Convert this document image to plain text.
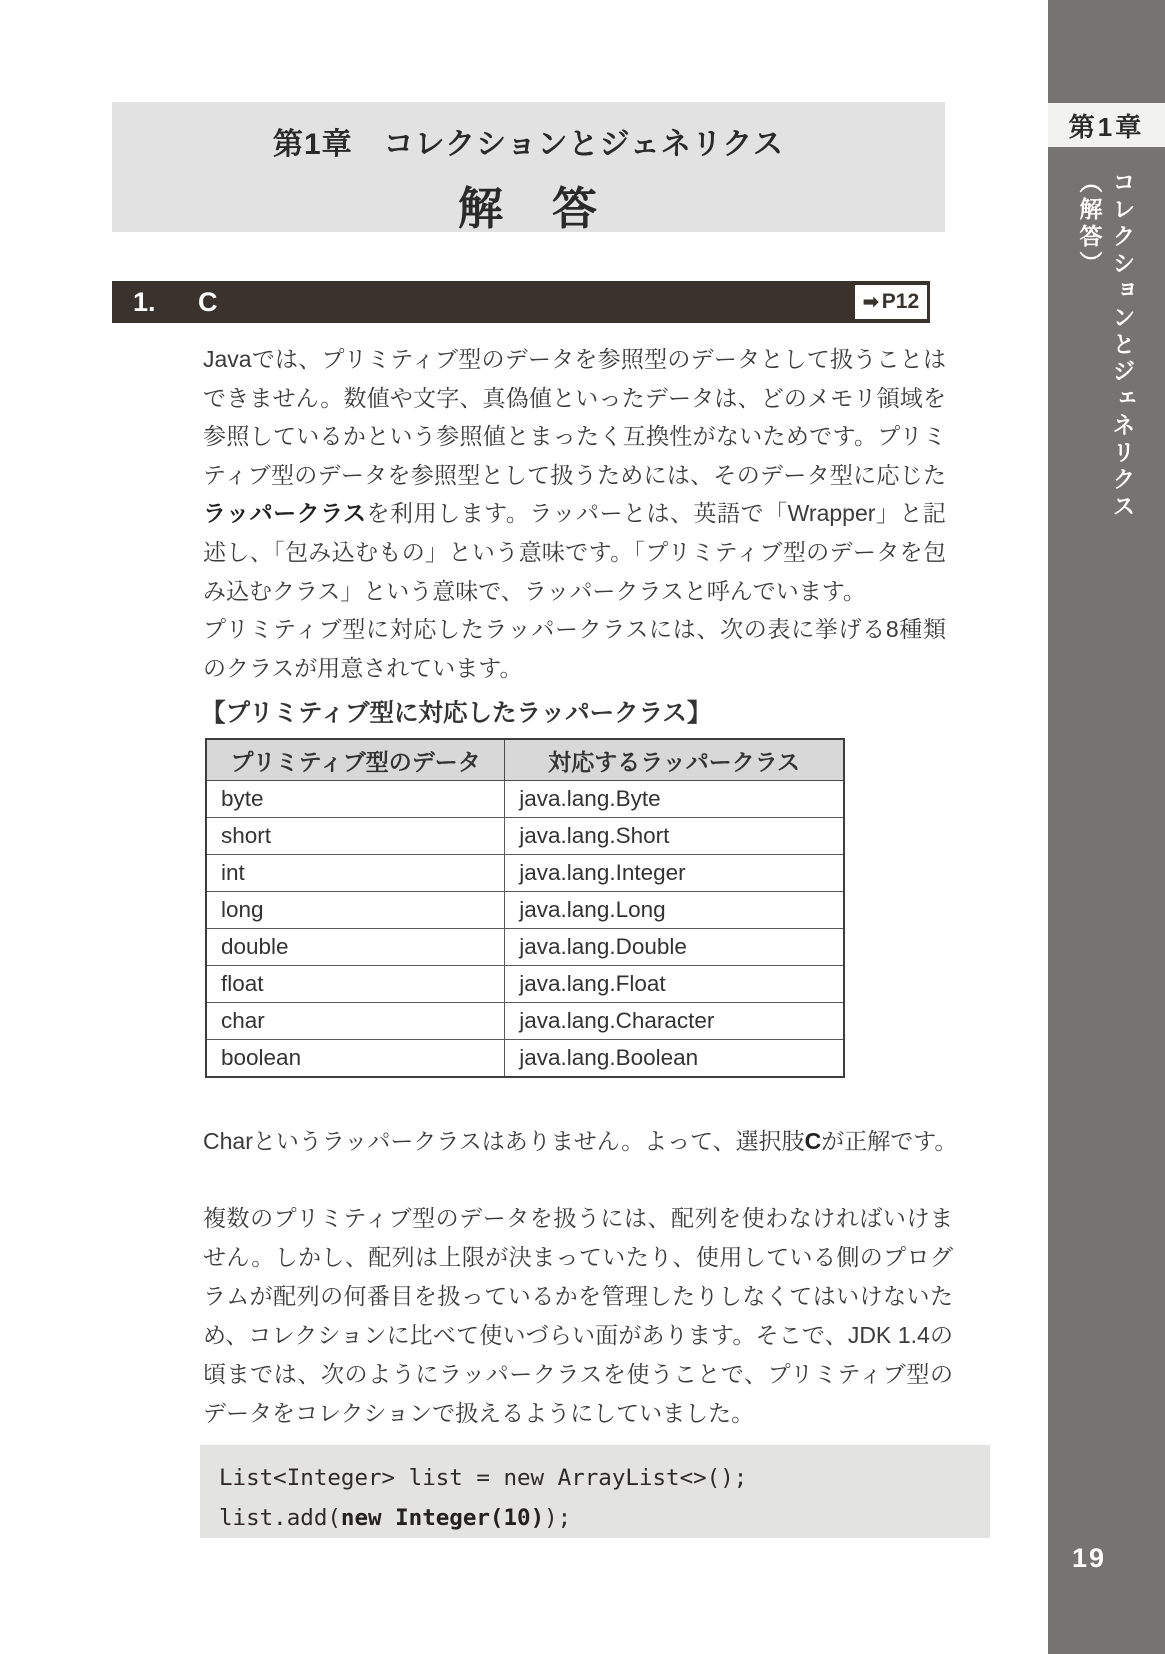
第1章
コレクションとジェネリクス（解答）
19
第1章　コレクションとジェネリクス
解　答
1. C	➡ P12

Javaでは、プリミティブ型のデータを参照型のデータとして扱うことはできません。数値や文字、真偽値といったデータは、どのメモリ領域を参照しているかという参照値とまったく互換性がないためです。プリミティブ型のデータを参照型として扱うためには、そのデータ型に応じたラッパークラスを利用します。ラッパーとは、英語で「Wrapper」と記述し、「包み込むもの」という意味です。「プリミティブ型のデータを包み込むクラス」という意味で、ラッパークラスと呼んでいます。
プリミティブ型に対応したラッパークラスには、次の表に挙げる8種類のクラスが用意されています。

【プリミティブ型に対応したラッパークラス】

プリミティブ型のデータ	対応するラッパークラス
byte	java.lang.Byte
short	java.lang.Short
int	java.lang.Integer
long	java.lang.Long
double	java.lang.Double
float	java.lang.Float
char	java.lang.Character
boolean	java.lang.Boolean

Charというラッパークラスはありません。よって、選択肢Cが正解です。

複数のプリミティブ型のデータを扱うには、配列を使わなければいけません。しかし、配列は上限が決まっていたり、使用している側のプログラムが配列の何番目を扱っているかを管理したりしなくてはいけないため、コレクションに比べて使いづらい面があります。そこで、JDK 1.4の頃までは、次のようにラッパークラスを使うことで、プリミティブ型のデータをコレクションで扱えるようにしていました。

List<Integer> list = new ArrayList<>();
list.add(new Integer(10));
